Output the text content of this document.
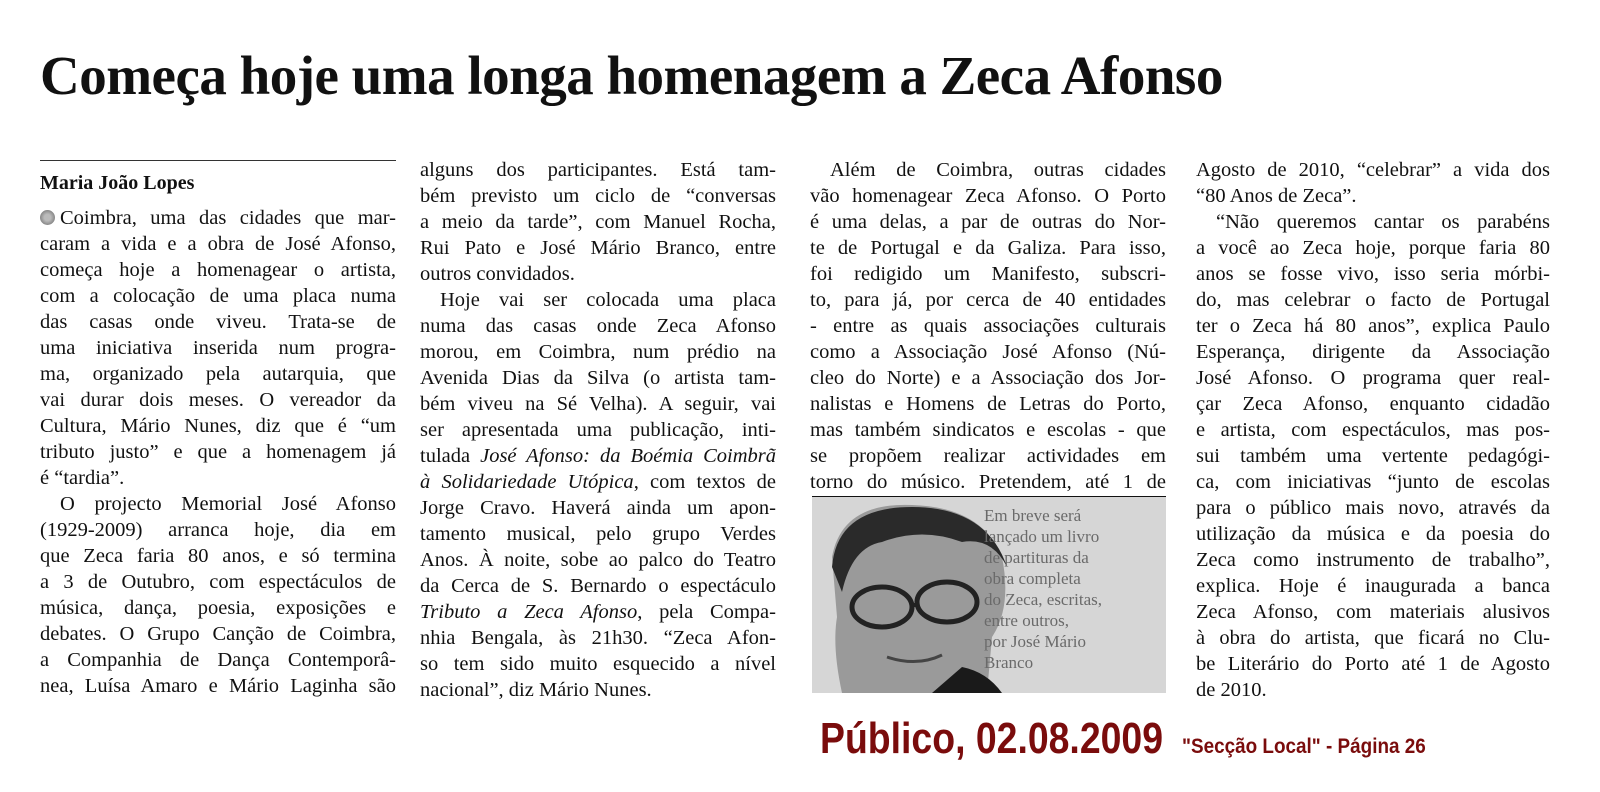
Começa hoje uma longa homenagem a Zeca Afonso
Maria João Lopes
Coimbra, uma das cidades que mar-
caram a vida e a obra de José Afonso,
começa hoje a homenagear o artista,
com a colocação de uma placa numa
das casas onde viveu. Trata-se de
uma iniciativa inserida num progra-
ma, organizado pela autarquia, que
vai durar dois meses. O vereador da
Cultura, Mário Nunes, diz que é “um
tributo justo” e que a homenagem já
é “tardia”.
O projecto Memorial José Afonso
(1929-2009) arranca hoje, dia em
que Zeca faria 80 anos, e só termina
a 3 de Outubro, com espectáculos de
música, dança, poesia, exposições e
debates. O Grupo Canção de Coimbra,
a Companhia de Dança Contemporâ-
nea, Luísa Amaro e Mário Laginha são
alguns dos participantes. Está tam-
bém previsto um ciclo de “conversas
a meio da tarde”, com Manuel Rocha,
Rui Pato e José Mário Branco, entre
outros convidados.
Hoje vai ser colocada uma placa
numa das casas onde Zeca Afonso
morou, em Coimbra, num prédio na
Avenida Dias da Silva (o artista tam-
bém viveu na Sé Velha). A seguir, vai
ser apresentada uma publicação, inti-
tulada José Afonso: da Boémia Coimbrã
à Solidariedade Utópica, com textos de
Jorge Cravo. Haverá ainda um apon-
tamento musical, pelo grupo Verdes
Anos. À noite, sobe ao palco do Teatro
da Cerca de S. Bernardo o espectáculo
Tributo a Zeca Afonso, pela Compa-
nhia Bengala, às 21h30. “Zeca Afon-
so tem sido muito esquecido a nível
nacional”, diz Mário Nunes.
Além de Coimbra, outras cidades
vão homenagear Zeca Afonso. O Porto
é uma delas, a par de outras do Nor-
te de Portugal e da Galiza. Para isso,
foi redigido um Manifesto, subscri-
to, para já, por cerca de 40 entidades
- entre as quais associações culturais
como a Associação José Afonso (Nú-
cleo do Norte) e a Associação dos Jor-
nalistas e Homens de Letras do Porto,
mas também sindicatos e escolas - que
se propõem realizar actividades em
torno do músico. Pretendem, até 1 de
Agosto de 2010, “celebrar” a vida dos
“80 Anos de Zeca”.
“Não queremos cantar os parabéns
a você ao Zeca hoje, porque faria 80
anos se fosse vivo, isso seria mórbi-
do, mas celebrar o facto de Portugal
ter o Zeca há 80 anos”, explica Paulo
Esperança, dirigente da Associação
José Afonso. O programa quer real-
çar Zeca Afonso, enquanto cidadão
e artista, com espectáculos, mas pos-
sui também uma vertente pedagógi-
ca, com iniciativas “junto de escolas
para o público mais novo, através da
utilização da música e da poesia do
Zeca como instrumento de trabalho”,
explica. Hoje é inaugurada a banca
Zeca Afonso, com materiais alusivos
à obra do artista, que ficará no Clu-
be Literário do Porto até 1 de Agosto
de 2010.
Em breve será
lançado um livro
de partituras da
obra completa
do Zeca, escritas,
entre outros,
por José Mário
Branco
Público, 02.08.2009 "Secção Local" - Página 26
